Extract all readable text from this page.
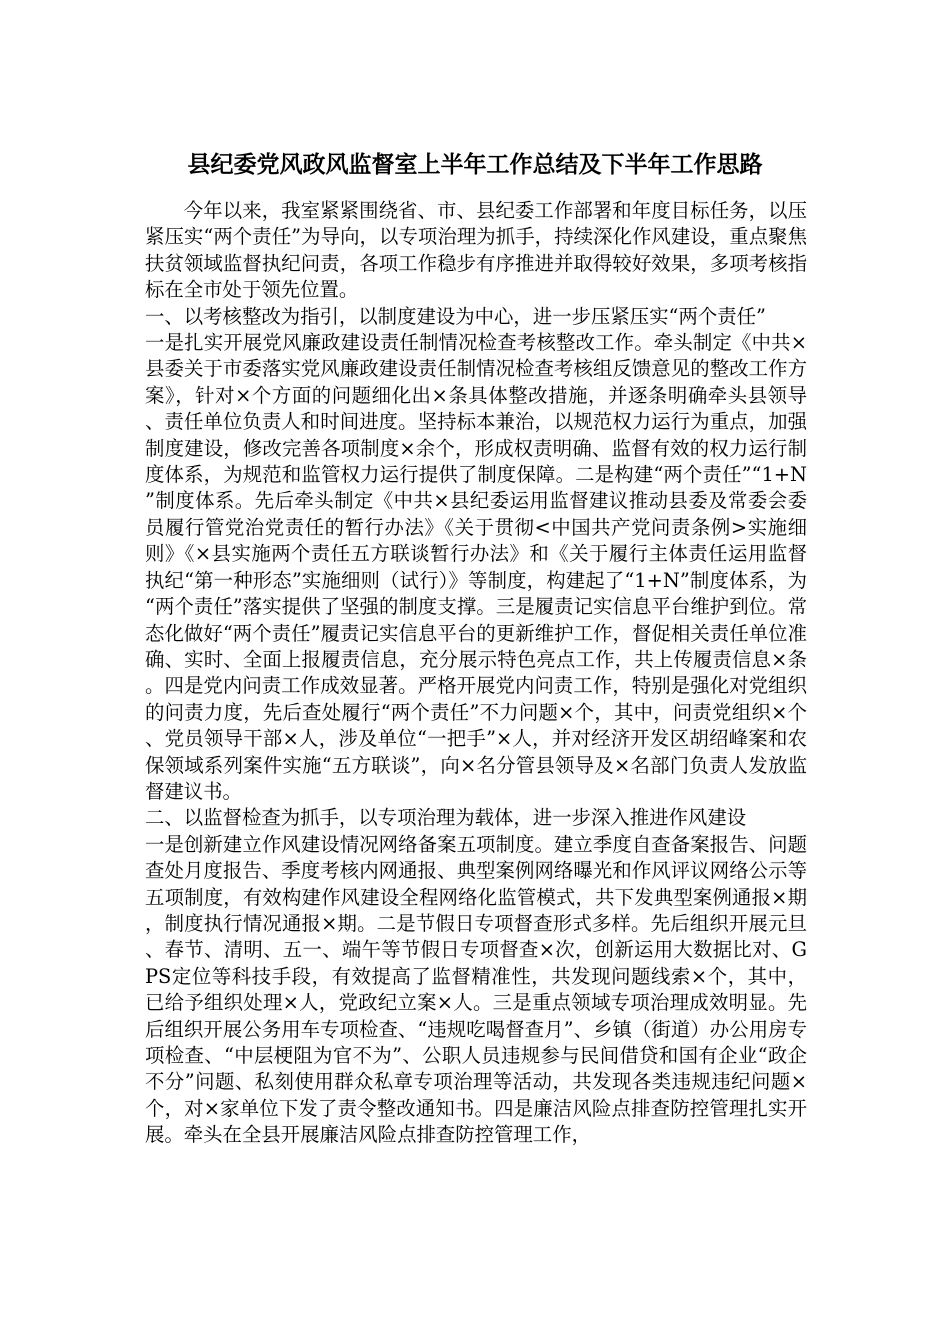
县纪委党风政风监督室上半年工作总结及下半年工作思路

今年以来，我室紧紧围绕省、市、县纪委工作部署和年度目标任务，以压紧压实“两个责任”为导向，以专项治理为抓手，持续深化作风建设，重点聚焦扶贫领域监督执纪问责，各项工作稳步有序推进并取得较好效果，多项考核指标在全市处于领先位置。

一、以考核整改为指引，以制度建设为中心，进一步压紧压实“两个责任”

一是扎实开展党风廉政建设责任制情况检查考核整改工作。牵头制定《中共×县委关于市委落实党风廉政建设责任制情况检查考核组反馈意见的整改工作方案》，针对×个方面的问题细化出×条具体整改措施，并逐条明确牵头县领导、责任单位负责人和时间进度。坚持标本兼治，以规范权力运行为重点，加强制度建设，修改完善各项制度×余个，形成权责明确、监督有效的权力运行制度体系，为规范和监管权力运行提供了制度保障。二是构建“两个责任”“1+N”制度体系。先后牵头制定《中共×县纪委运用监督建议推动县委及常委会委员履行管党治党责任的暂行办法》《关于贯彻<中国共产党问责条例>实施细则》《×县实施两个责任五方联谈暂行办法》和《关于履行主体责任运用监督执纪“第一种形态”实施细则（试行）》等制度，构建起了“1+N”制度体系，为“两个责任”落实提供了坚强的制度支撑。三是履责记实信息平台维护到位。常态化做好“两个责任”履责记实信息平台的更新维护工作，督促相关责任单位准确、实时、全面上报履责信息，充分展示特色亮点工作，共上传履责信息×条。四是党内问责工作成效显著。严格开展党内问责工作，特别是强化对党组织的问责力度，先后查处履行“两个责任”不力问题×个，其中，问责党组织×个、党员领导干部×人，涉及单位“一把手”×人，并对经济开发区胡绍峰案和农保领域系列案件实施“五方联谈”，向×名分管县领导及×名部门负责人发放监督建议书。

二、以监督检查为抓手，以专项治理为载体，进一步深入推进作风建设

一是创新建立作风建设情况网络备案五项制度。建立季度自查备案报告、问题查处月度报告、季度考核内网通报、典型案例网络曝光和作风评议网络公示等五项制度，有效构建作风建设全程网络化监管模式，共下发典型案例通报×期，制度执行情况通报×期。二是节假日专项督查形式多样。先后组织开展元旦、春节、清明、五一、端午等节假日专项督查×次，创新运用大数据比对、GPS定位等科技手段，有效提高了监督精准性，共发现问题线索×个，其中，已给予组织处理×人，党政纪立案×人。三是重点领域专项治理成效明显。先后组织开展公务用车专项检查、“违规吃喝督查月”、乡镇（街道）办公用房专项检查、“中层梗阻为官不为”、公职人员违规参与民间借贷和国有企业“政企不分”问题、私刻使用群众私章专项治理等活动，共发现各类违规违纪问题×个，对×家单位下发了责令整改通知书。四是廉洁风险点排查防控管理扎实开展。牵头在全县开展廉洁风险点排查防控管理工作，
